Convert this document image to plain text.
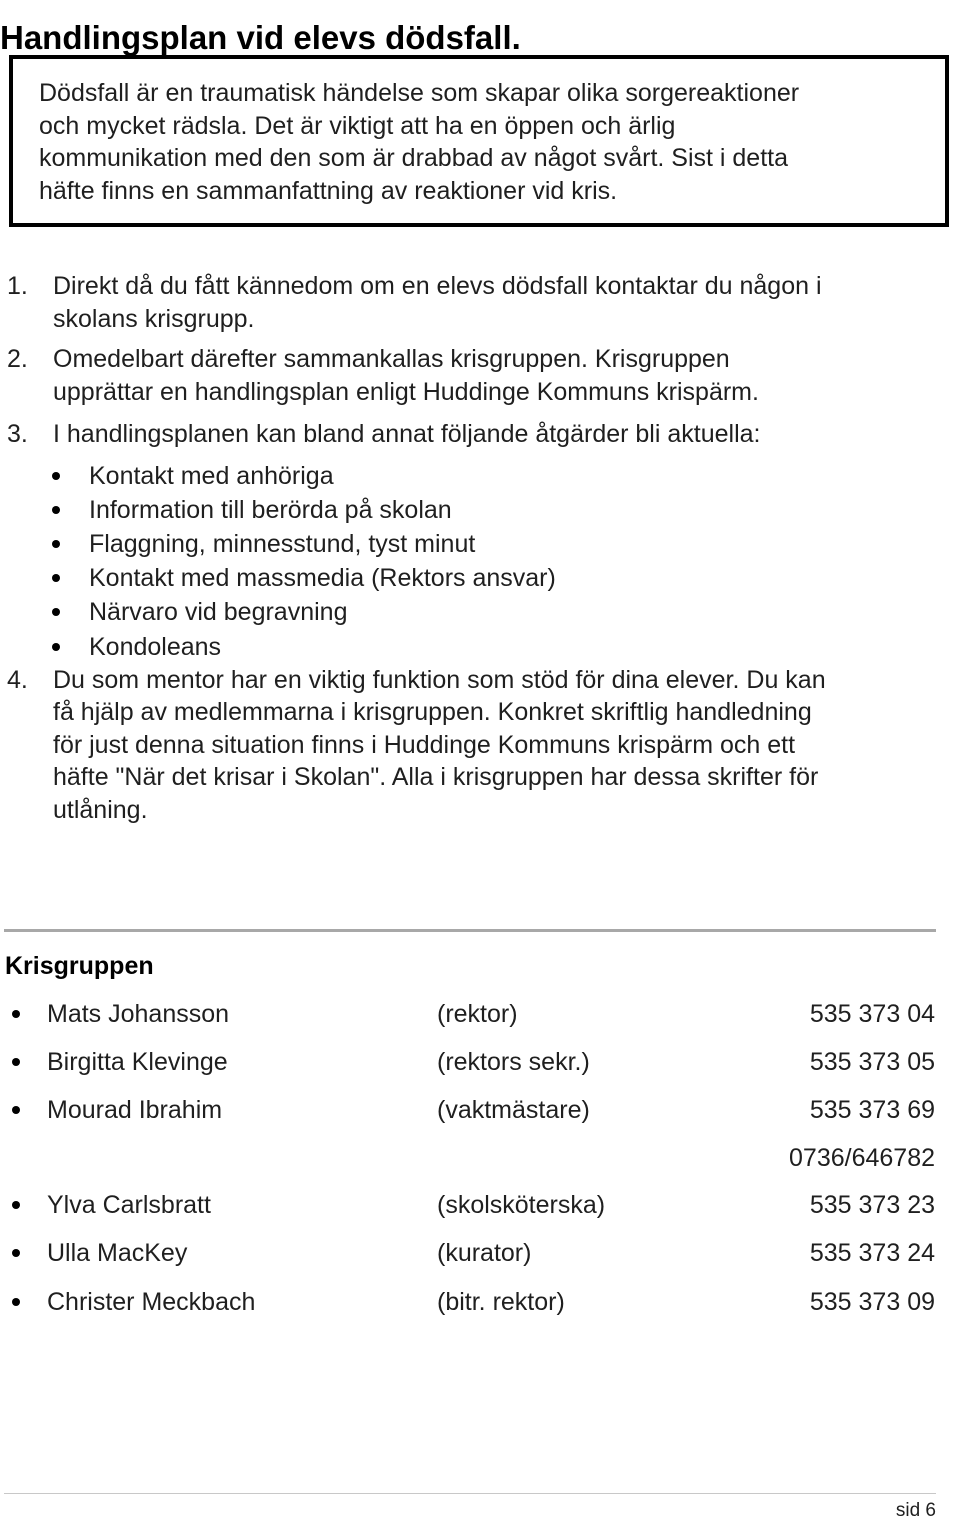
Handlingsplan vid elevs dödsfall.
Dödsfall är en traumatisk händelse som skapar olika sorgereaktioner
och mycket rädsla. Det är viktigt att ha en öppen och ärlig
kommunikation med den som är drabbad av något svårt. Sist i detta
häfte finns en sammanfattning av reaktioner vid kris.
1.	Direkt då du fått kännedom om en elevs dödsfall kontaktar du någon i
skolans krisgrupp.
2.	Omedelbart därefter sammankallas krisgruppen. Krisgruppen
upprättar en handlingsplan enligt Huddinge Kommuns krispärm.
3.	I handlingsplanen kan bland annat följande åtgärder bli aktuella:
Kontakt med anhöriga
Information till berörda på skolan
Flaggning, minnesstund, tyst minut
Kontakt med massmedia (Rektors ansvar)
Närvaro vid begravning
Kondoleans
4.	Du som mentor har en viktig funktion som stöd för dina elever. Du kan
få hjälp av medlemmarna i krisgruppen. Konkret skriftlig handledning
för just denna situation finns i Huddinge Kommuns krispärm och ett
häfte "När det krisar i Skolan". Alla i krisgruppen har dessa skrifter för
utlåning.
Krisgruppen
Mats Johansson	(rektor)	535 373 04
Birgitta Klevinge	(rektors sekr.)	535 373 05
Mourad Ibrahim	(vaktmästare)	535 373 69
0736/646782
Ylva Carlsbratt	(skolsköterska)	535 373 23
Ulla MacKey	(kurator)	535 373 24
Christer Meckbach	(bitr. rektor)	535 373 09
sid 6
